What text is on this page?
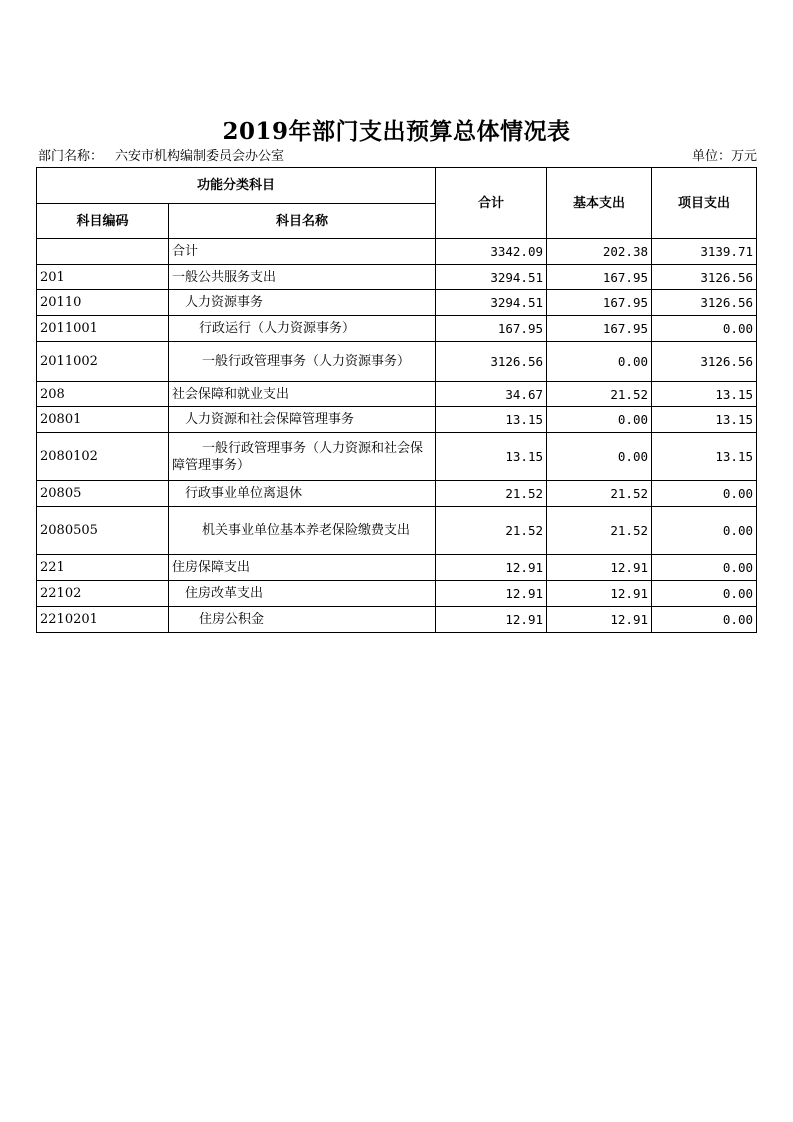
2019年部门支出预算总体情况表
部门名称： 六安市机构编制委员会办公室	单位：万元
功能分类科目		合计	基本支出	项目支出
科目编码	科目名称			
	合计	3342.09	202.38	3139.71
201	一般公共服务支出	3294.51	167.95	3126.56
20110	人力资源事务	3294.51	167.95	3126.56
2011001	行政运行（人力资源事务）	167.95	167.95	0.00
2011002	一般行政管理事务（人力资源事务）	3126.56	0.00	3126.56
208	社会保障和就业支出	34.67	21.52	13.15
20801	人力资源和社会保障管理事务	13.15	0.00	13.15
2080102	一般行政管理事务（人力资源和社会保障管理事务）	13.15	0.00	13.15
20805	行政事业单位离退休	21.52	21.52	0.00
2080505	机关事业单位基本养老保险缴费支出	21.52	21.52	0.00
221	住房保障支出	12.91	12.91	0.00
22102	住房改革支出	12.91	12.91	0.00
2210201	住房公积金	12.91	12.91	0.00
